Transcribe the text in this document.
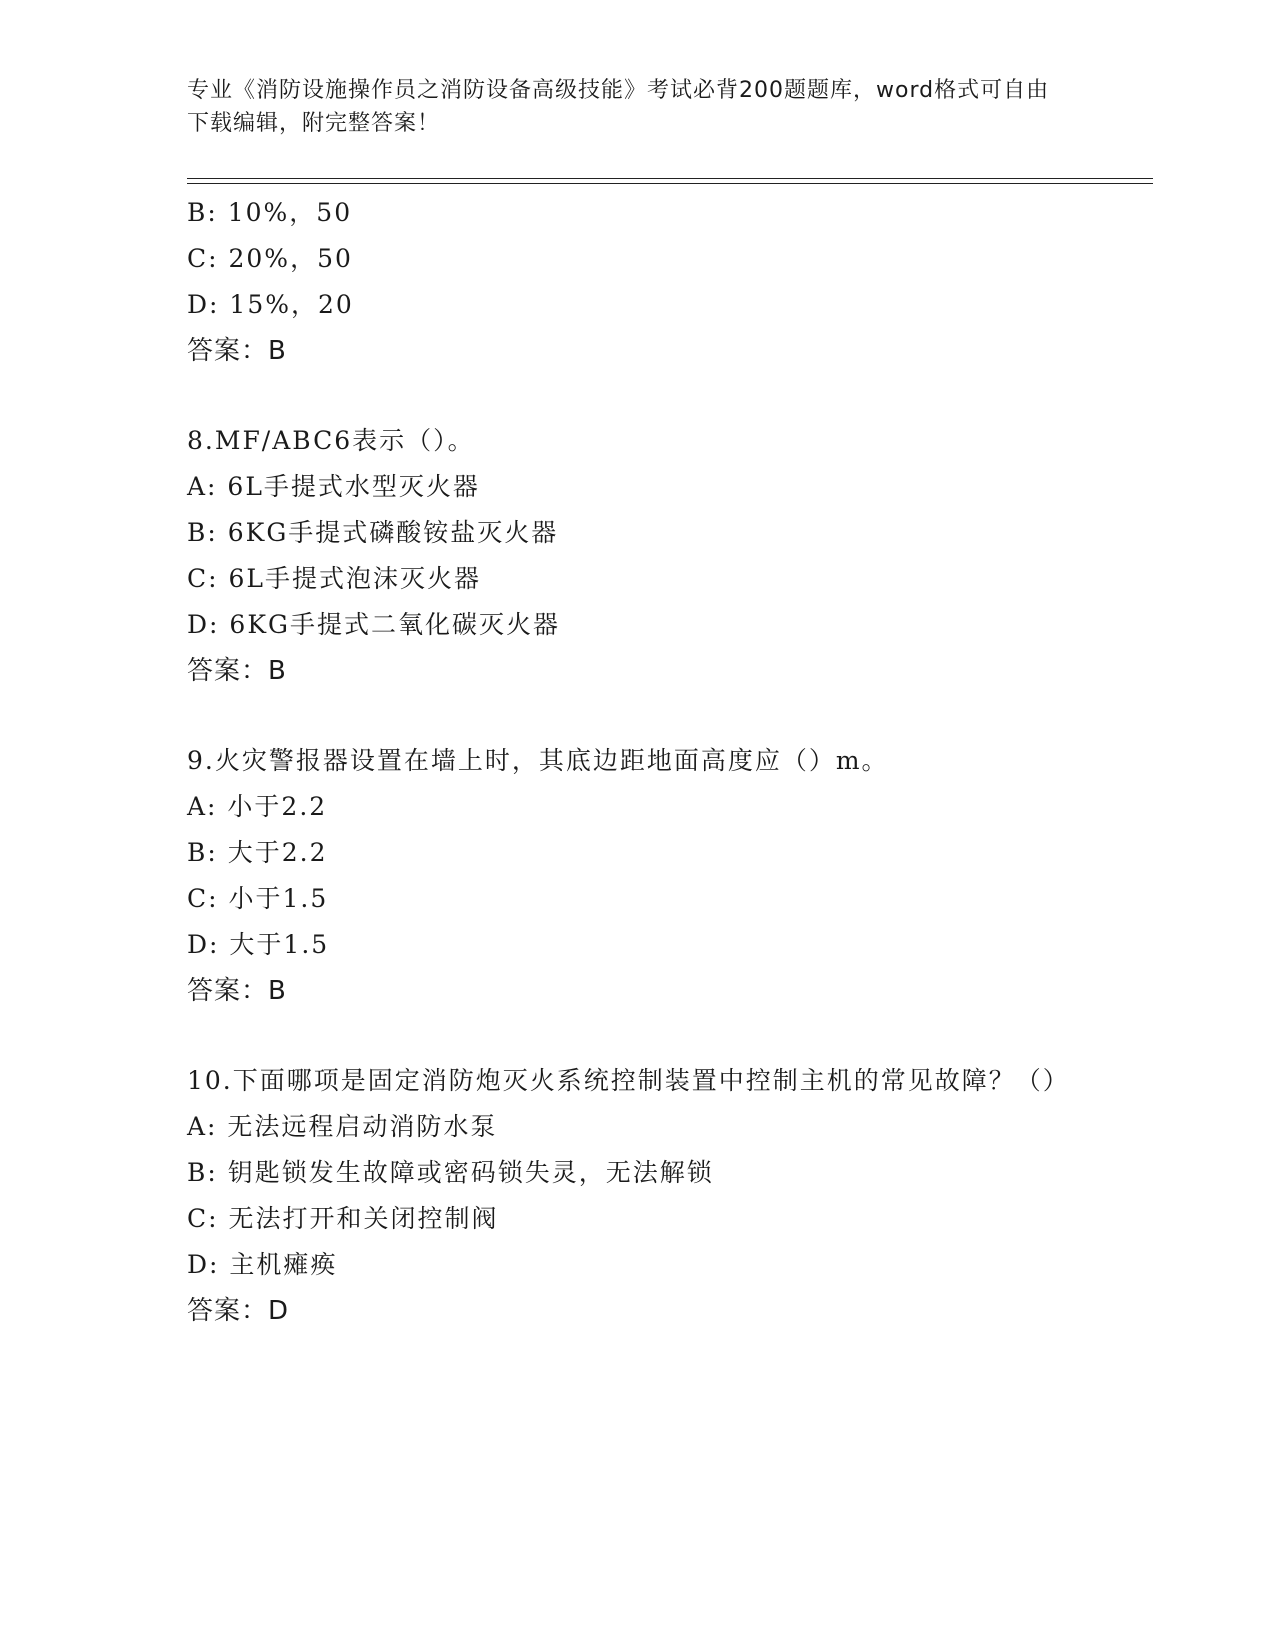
专业《消防设施操作员之消防设备高级技能》考试必背200题题库，word格式可自由下载编辑，附完整答案！
B: 10%，50
C: 20%，50
D: 15%，20
答案：B
8.MF/ABC6表示（）。
A: 6L手提式水型灭火器
B: 6KG手提式磷酸铵盐灭火器
C: 6L手提式泡沫灭火器
D: 6KG手提式二氧化碳灭火器
答案：B
9.火灾警报器设置在墙上时，其底边距地面高度应（）m。
A: 小于2.2
B: 大于2.2
C: 小于1.5
D: 大于1.5
答案：B
10.下面哪项是固定消防炮灭火系统控制装置中控制主机的常见故障？（）
A: 无法远程启动消防水泵
B: 钥匙锁发生故障或密码锁失灵，无法解锁
C: 无法打开和关闭控制阀
D: 主机瘫痪
答案：D
